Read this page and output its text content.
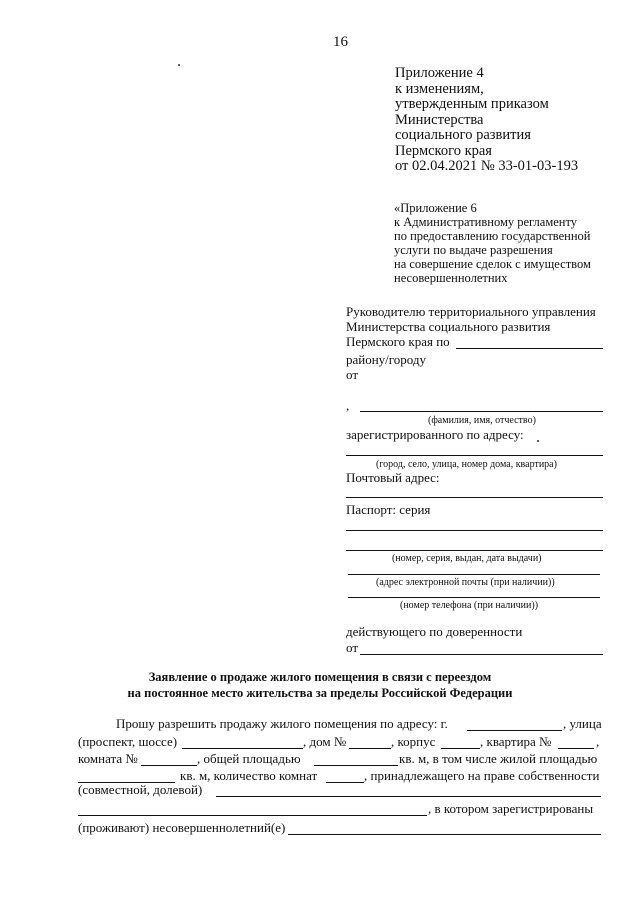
16
Приложение 4
к изменениям,
утвержденным приказом
Министерства
социального развития
Пермского края
от 02.04.2021 № 33-01-03-193
«Приложение 6
к Административному регламенту
по предоставлению государственной
услуги по выдаче разрешения
на совершение сделок с имуществом
несовершеннолетних
Руководителю территориального управления
Министерства социального развития
Пермского края по
району/городу
от
,
(фамилия, имя, отчество)
зарегистрированного по адресу:
(город, село, улица, номер дома, квартира)
Почтовый адрес:
Паспорт: серия
(номер, серия, выдан, дата выдачи)
(адрес электронной почты (при наличии))
(номер телефона (при наличии))
действующего по доверенности
от
Заявление о продаже жилого помещения в связи с переездом
на постоянное место жительства за пределы Российской Федерации
Прошу разрешить продажу жилого помещения по адресу: г.	, улица
(проспект, шоссе)	, дом №	, корпус	, квартира №	,
комната №	, общей площадью	кв. м, в том числе жилой площадью
кв. м, количество комнат	, принадлежащего на праве собственности
(совместной, долевой)
, в котором зарегистрированы
(проживают) несовершеннолетний(е)
